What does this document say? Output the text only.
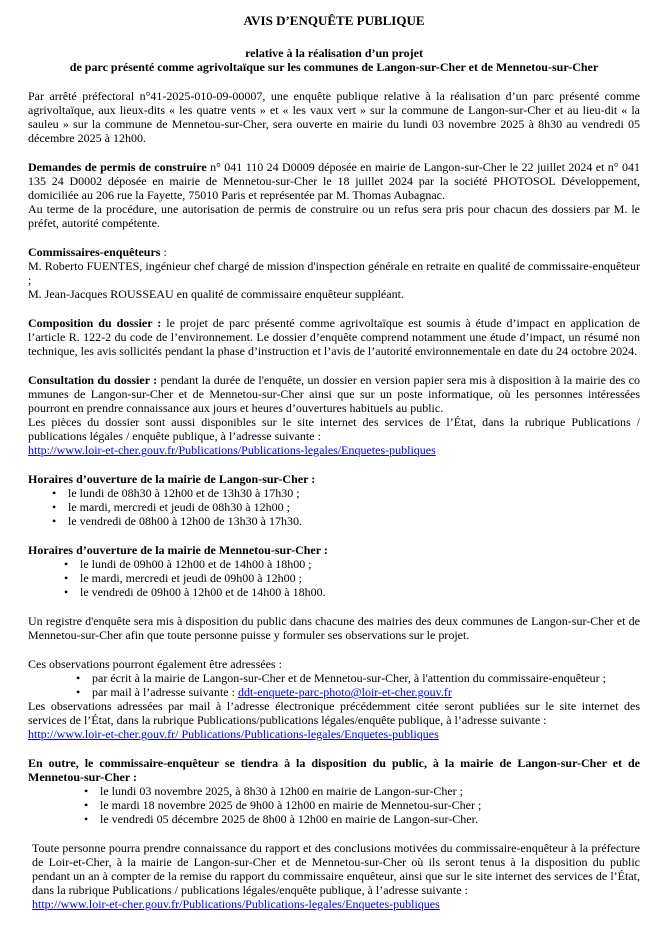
AVIS D’ENQUÊTE PUBLIQUE

relative à la réalisation d’un projet

de parc présenté comme agrivoltaïque sur les communes de Langon-sur-Cher et de Mennetou-sur-Cher

Par arrêté préfectoral n°41-2025-010-09-00007, une enquête publique relative à la réalisation d’un parc présenté comme agrivoltaïque, aux lieux-dits « les quatre vents » et « les vaux vert » sur la commune de Langon-sur-Cher et au lieu-dit « la sauleu » sur la commune de Mennetou-sur-Cher, sera ouverte en mairie du lundi 03 novembre 2025 à 8h30 au vendredi 05 décembre 2025 à 12h00.

Demandes de permis de construire n° 041 110 24 D0009 déposée en mairie de Langon-sur-Cher le 22 juillet 2024 et n° 041 135 24 D0002 déposée en mairie de Mennetou-sur-Cher le 18 juillet 2024 par la société PHOTOSOL Développement, domiciliée au 206 rue la Fayette, 75010 Paris et représentée par M. Thomas Aubagnac.

Au terme de la procédure, une autorisation de permis de construire ou un refus sera pris pour chacun des dossiers par M. le préfet, autorité compétente.

Commissaires-enquêteurs :

M. Roberto FUENTES, ingénieur chef chargé de mission d'inspection générale en retraite en qualité de commissaire-enquêteur ;

M. Jean-Jacques ROUSSEAU en qualité de commissaire enquêteur suppléant.

Composition du dossier : le projet de parc présenté comme agrivoltaïque est soumis à étude d’impact en application de l’article R. 122-2 du code de l’environnement. Le dossier d’enquête comprend notamment une étude d’impact, un résumé non technique, les avis sollicités pendant la phase d’instruction et l’avis de l’autorité environnementale en date du 24 octobre 2024.

Consultation du dossier : pendant la durée de l'enquête, un dossier en version papier sera mis à disposition à la mairie des co mmunes de Langon-sur-Cher et de Mennetou-sur-Cher ainsi que sur un poste informatique, où les personnes intéressées pourront en prendre connaissance aux jours et heures d’ouvertures habituels au public.

Les pièces du dossier sont aussi disponibles sur le site internet des services de l’État, dans la rubrique Publications / publications légales / enquête publique, à l’adresse suivante :

http://www.loir-et-cher.gouv.fr/Publications/Publications-legales/Enquetes-publiques

Horaires d’ouverture de la mairie de Langon-sur-Cher :

• le lundi de 08h30 à 12h00 et de 13h30 à 17h30 ;
• le mardi, mercredi et jeudi de 08h30 à 12h00 ;
• le vendredi de 08h00 à 12h00 de 13h30 à 17h30.

Horaires d’ouverture de la mairie de Mennetou-sur-Cher :

• le lundi de 09h00 à 12h00 et de 14h00 à 18h00 ;
• le mardi, mercredi et jeudi de 09h00 à 12h00 ;
• le vendredi de 09h00 à 12h00 et de 14h00 à 18h00.

Un registre d'enquête sera mis à disposition du public dans chacune des mairies des deux communes de Langon-sur-Cher et de Mennetou-sur-Cher afin que toute personne puisse y formuler ses observations sur le projet.

Ces observations pourront également être adressées :

• par écrit à la mairie de Langon-sur-Cher et de Mennetou-sur-Cher, à l'attention du commissaire-enquêteur ;
• par mail à l’adresse suivante : ddt-enquete-parc-photo@loir-et-cher.gouv.fr

Les observations adressées par mail à l’adresse électronique précédemment citée seront publiées sur le site internet des services de l’État, dans la rubrique Publications/publications légales/enquête publique, à l’adresse suivante :

http://www.loir-et-cher.gouv.fr/ Publications/Publications-legales/Enquetes-publiques

En outre, le commissaire-enquêteur se tiendra à la disposition du public, à la mairie de Langon-sur-Cher et de Mennetou-sur-Cher :

• le lundi 03 novembre 2025, à 8h30 à 12h00 en mairie de Langon-sur-Cher ;
• le mardi 18 novembre 2025 de 9h00 à 12h00 en mairie de Mennetou-sur-Cher ;
• le vendredi 05 décembre 2025 de 8h00 à 12h00 en mairie de Langon-sur-Cher.

Toute personne pourra prendre connaissance du rapport et des conclusions motivées du commissaire-enquêteur à la préfecture de Loir-et-Cher, à la mairie de Langon-sur-Cher et de Mennetou-sur-Cher où ils seront tenus à la disposition du public pendant un an à compter de la remise du rapport du commissaire enquêteur, ainsi que sur le site internet des services de l’État, dans la rubrique Publications / publications légales/enquête publique, à l’adresse suivante :

http://www.loir-et-cher.gouv.fr/Publications/Publications-legales/Enquetes-publiques
